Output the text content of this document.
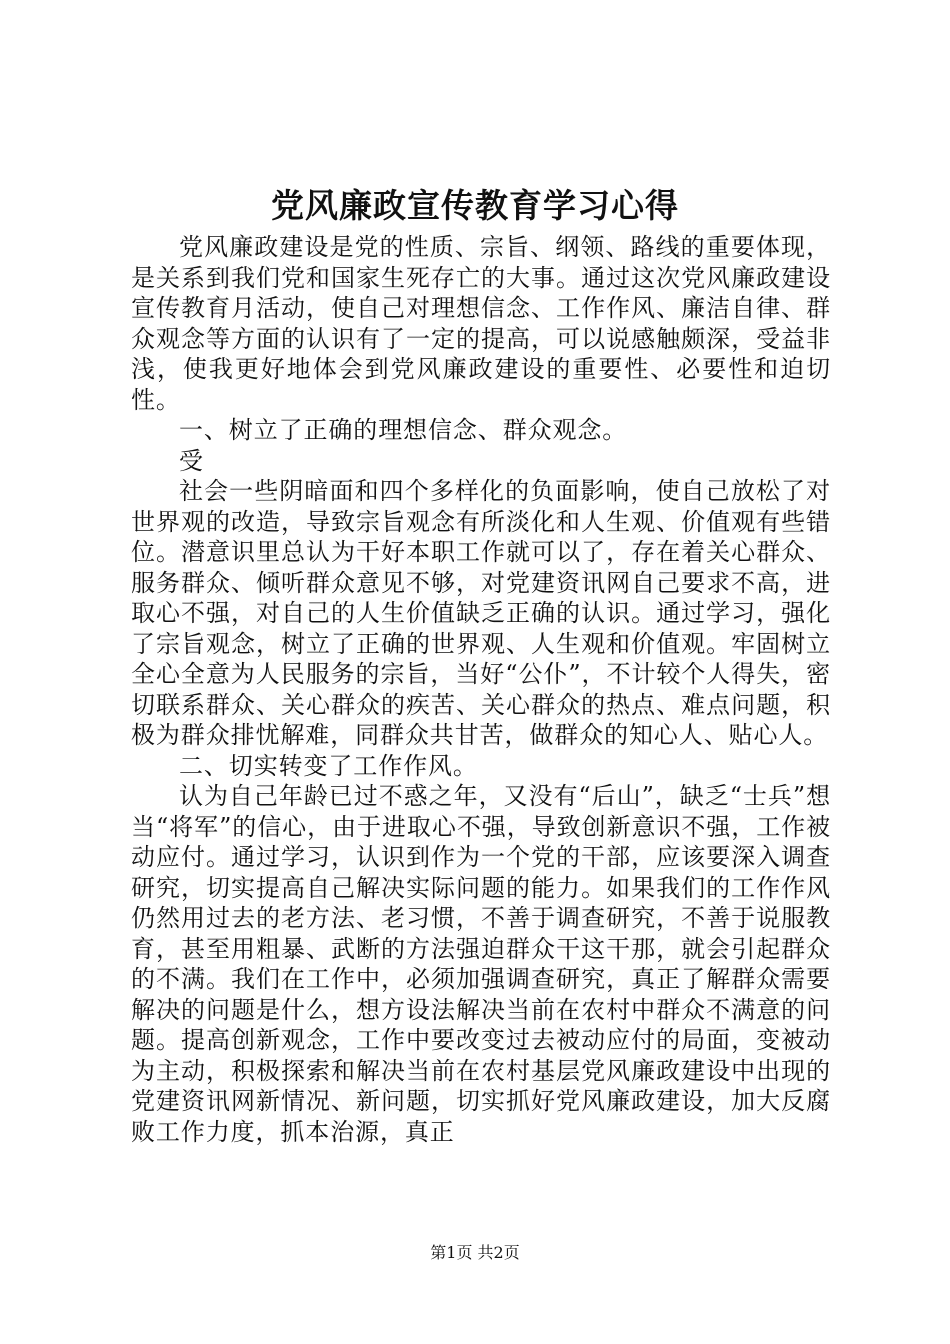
党风廉政宣传教育学习心得

党风廉政建设是党的性质、宗旨、纲领、路线的重要体现，是关系到我们党和国家生死存亡的大事。通过这次党风廉政建设宣传教育月活动，使自己对理想信念、工作作风、廉洁自律、群众观念等方面的认识有了一定的提高，可以说感触颇深，受益非浅，使我更好地体会到党风廉政建设的重要性、必要性和迫切性。

一、树立了正确的理想信念、群众观念。

受

社会一些阴暗面和四个多样化的负面影响，使自己放松了对世界观的改造，导致宗旨观念有所淡化和人生观、价值观有些错位。潜意识里总认为干好本职工作就可以了，存在着关心群众、服务群众、倾听群众意见不够，对党建资讯网自己要求不高，进取心不强，对自己的人生价值缺乏正确的认识。通过学习，强化了宗旨观念，树立了正确的世界观、人生观和价值观。牢固树立全心全意为人民服务的宗旨，当好“公仆”，不计较个人得失，密切联系群众、关心群众的疾苦、关心群众的热点、难点问题，积极为群众排忧解难，同群众共甘苦，做群众的知心人、贴心人。

二、切实转变了工作作风。

认为自己年龄已过不惑之年，又没有“后山”，缺乏“士兵”想当“将军”的信心，由于进取心不强，导致创新意识不强，工作被动应付。通过学习，认识到作为一个党的干部，应该要深入调查研究，切实提高自己解决实际问题的能力。如果我们的工作作风仍然用过去的老方法、老习惯，不善于调查研究，不善于说服教育，甚至用粗暴、武断的方法强迫群众干这干那，就会引起群众的不满。我们在工作中，必须加强调查研究，真正了解群众需要解决的问题是什么，想方设法解决当前在农村中群众不满意的问题。提高创新观念，工作中要改变过去被动应付的局面，变被动为主动，积极探索和解决当前在农村基层党风廉政建设中出现的党建资讯网新情况、新问题，切实抓好党风廉政建设，加大反腐败工作力度，抓本治源，真正

第1页 共2页
